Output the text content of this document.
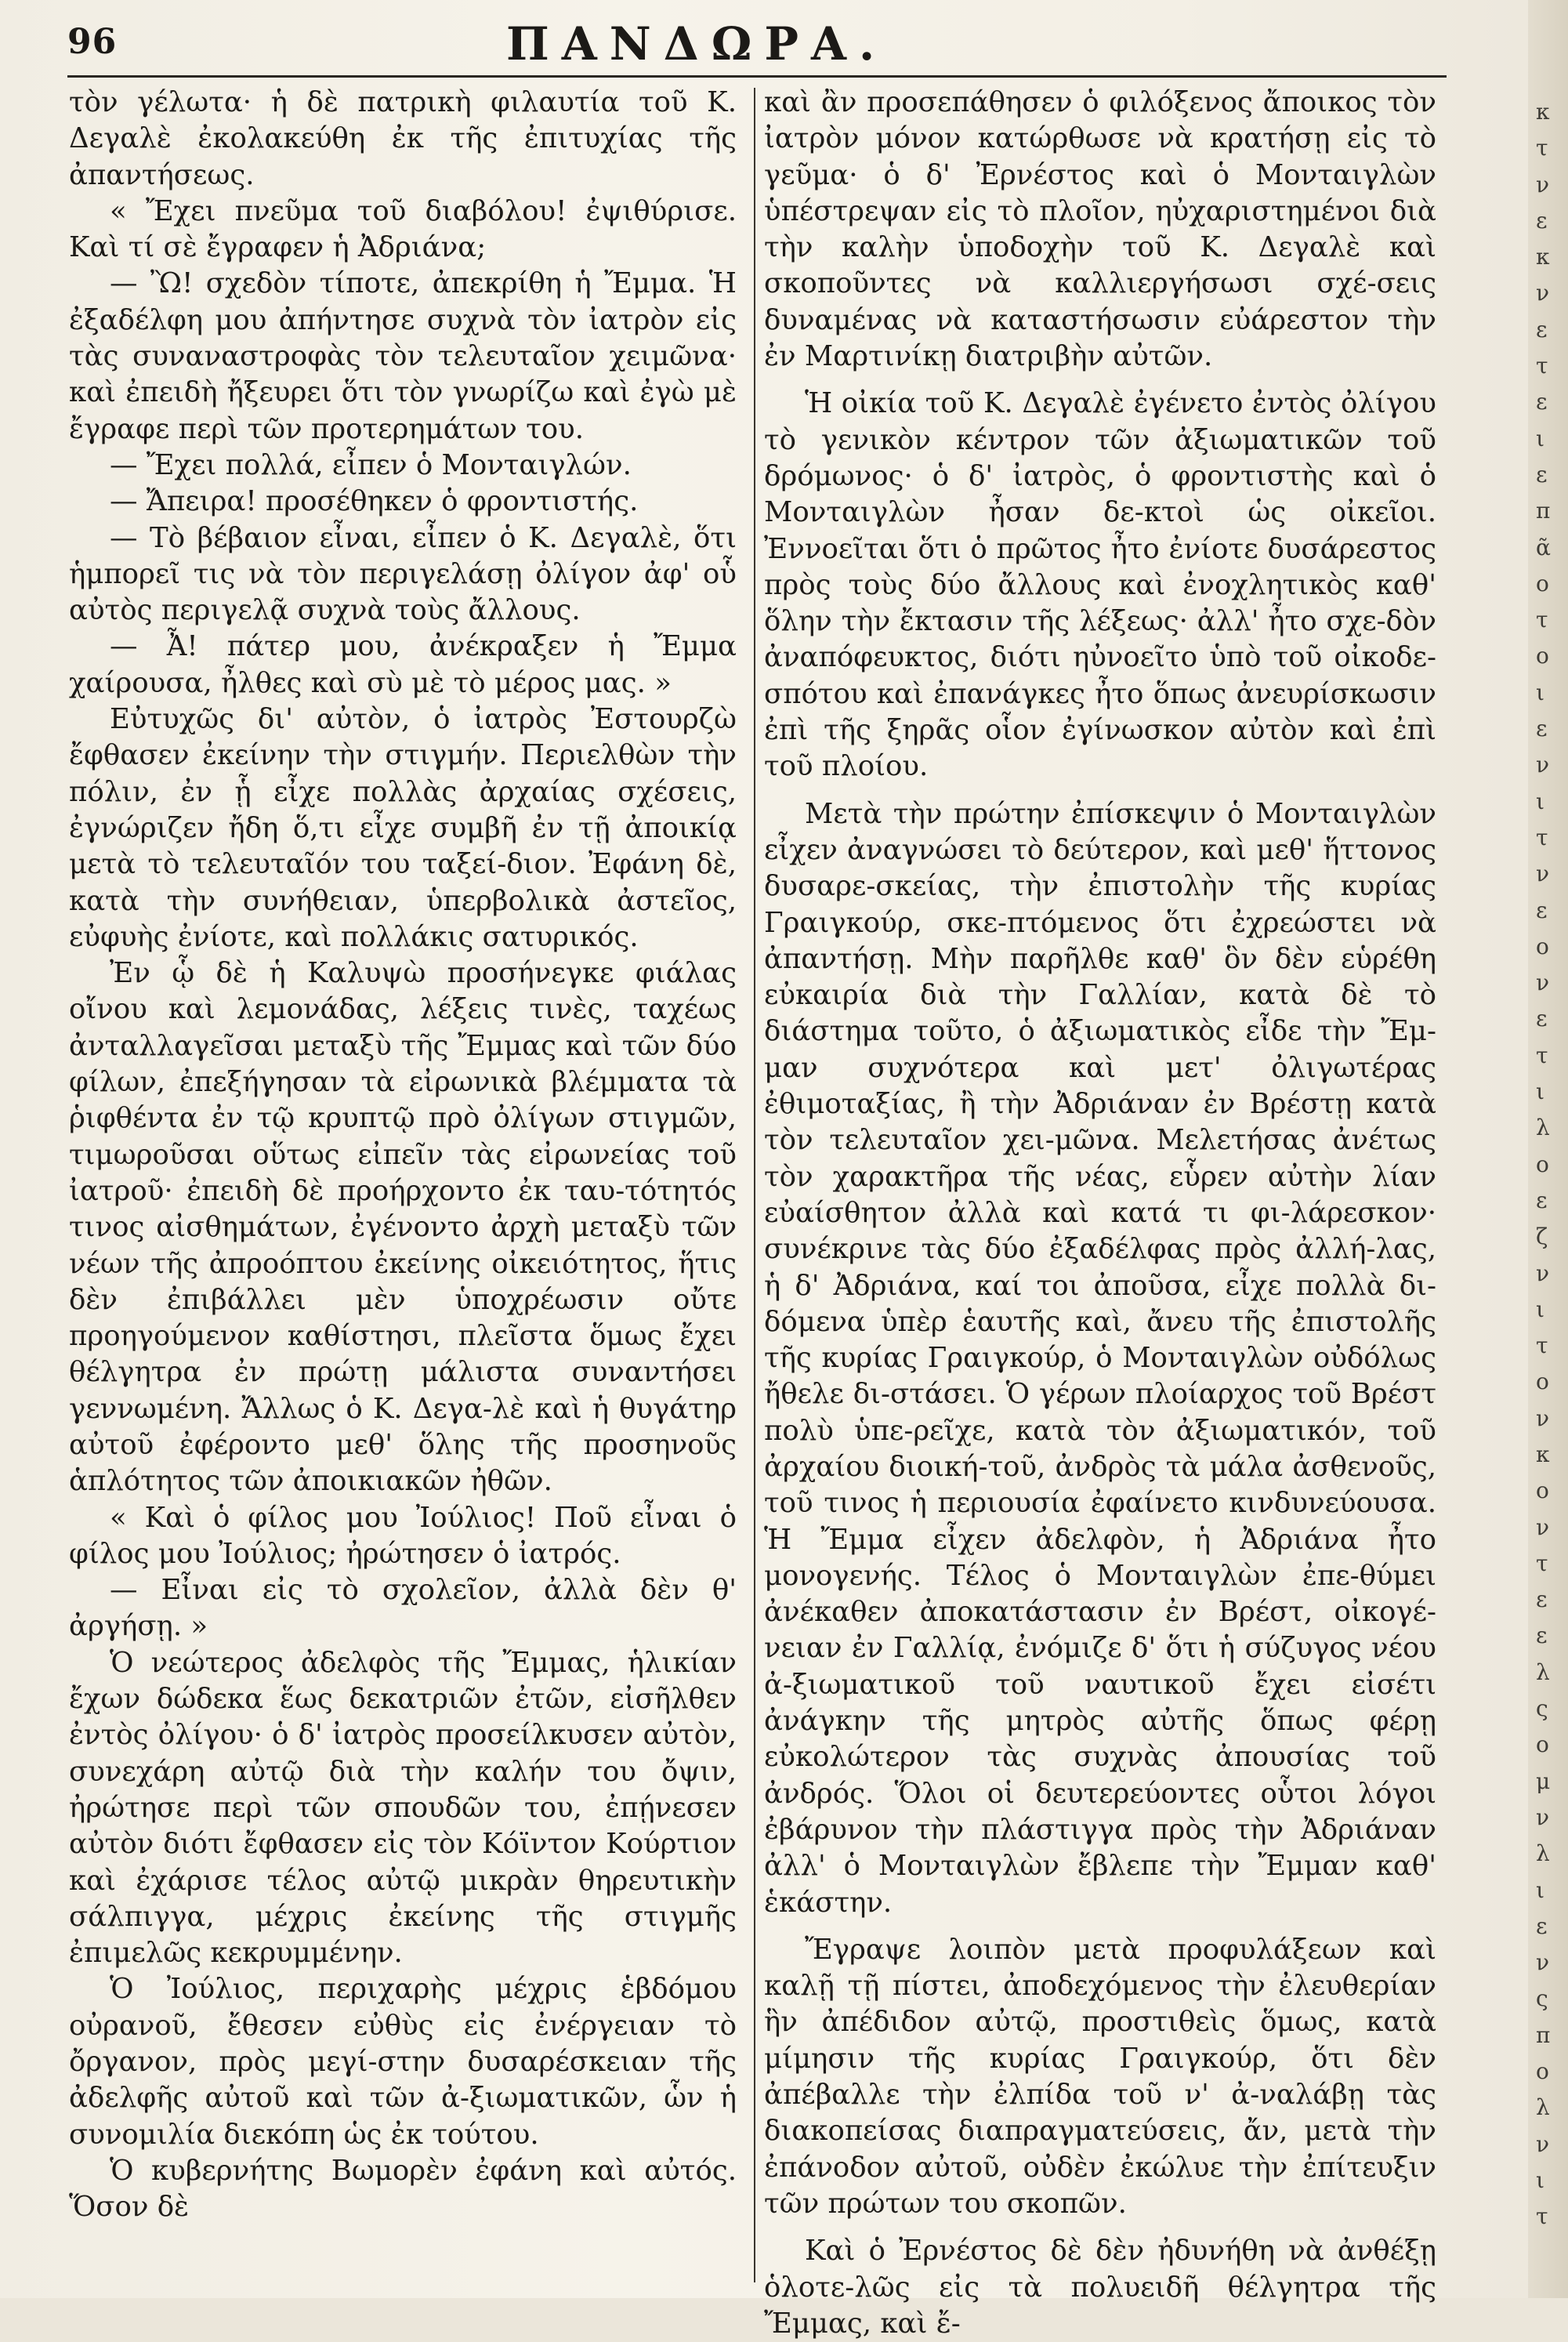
96	ΠΑΝΔΩΡΑ.

τὸν γέλωτα· ἡ δὲ πατρικὴ φιλαυτία τοῦ Κ. Δεγαλὲ ἐκολακεύθη ἐκ τῆς ἐπιτυχίας τῆς ἀπαντήσεως.

« Ἔχει πνεῦμα τοῦ διαβόλου! ἐψιθύρισε. Καὶ τί σὲ ἔγραφεν ἡ Ἀδριάνα;

— Ὢ! σχεδὸν τίποτε, ἀπεκρίθη ἡ Ἔμμα. Ἡ ἐξαδέλφη μου ἀπήντησε συχνὰ τὸν ἰατρὸν εἰς τὰς συναναστροφὰς τὸν τελευταῖον χειμῶνα· καὶ ἐπειδὴ ἤξευρει ὅτι τὸν γνωρίζω καὶ ἐγὼ μὲ ἔγραφε περὶ τῶν προτερημάτων του.

— Ἔχει πολλά, εἶπεν ὁ Μονταιγλών.

— Ἄπειρα! προσέθηκεν ὁ φροντιστής.

— Τὸ βέβαιον εἶναι, εἶπεν ὁ Κ. Δεγαλὲ, ὅτι ἡμπορεῖ τις νὰ τὸν περιγελάσῃ ὀλίγον ἀφ' οὗ αὐτὸς περιγελᾷ συχνὰ τοὺς ἄλλους.

— Ἆ! πάτερ μου, ἀνέκραξεν ἡ Ἔμμα χαίρουσα, ἦλθες καὶ σὺ μὲ τὸ μέρος μας. »

Εὐτυχῶς δι' αὐτὸν, ὁ ἰατρὸς Ἐστουρζὼ ἔφθασεν ἐκείνην τὴν στιγμήν. Περιελθὼν τὴν πόλιν, ἐν ᾗ εἶχε πολλὰς ἀρχαίας σχέσεις, ἐγνώριζεν ἤδη ὅ,τι εἶχε συμβῆ ἐν τῇ ἀποικίᾳ μετὰ τὸ τελευταῖόν του ταξεί-διον. Ἐφάνη δὲ, κατὰ τὴν συνήθειαν, ὑπερβολικὰ ἀστεῖος, εὐφυὴς ἐνίοτε, καὶ πολλάκις σατυρικός.

Ἐν ᾧ δὲ ἡ Καλυψὼ προσήνεγκε φιάλας οἴνου καὶ λεμονάδας, λέξεις τινὲς, ταχέως ἀνταλλαγεῖσαι μεταξὺ τῆς Ἔμμας καὶ τῶν δύο φίλων, ἐπεξήγησαν τὰ εἰρωνικὰ βλέμματα τὰ ῥιφθέντα ἐν τῷ κρυπτῷ πρὸ ὀλίγων στιγμῶν, τιμωροῦσαι οὕτως εἰπεῖν τὰς εἰρωνείας τοῦ ἰατροῦ· ἐπειδὴ δὲ προήρχοντο ἐκ ταυ-τότητός τινος αἰσθημάτων, ἐγένοντο ἀρχὴ μεταξὺ τῶν νέων τῆς ἀπροόπτου ἐκείνης οἰκειότητος, ἥτις δὲν ἐπιβάλλει μὲν ὑποχρέωσιν οὔτε προηγούμενον καθίστησι, πλεῖστα ὅμως ἔχει θέλγητρα ἐν πρώτῃ μάλιστα συναντήσει γεννωμένη. Ἄλλως ὁ Κ. Δεγα-λὲ καὶ ἡ θυγάτηρ αὐτοῦ ἐφέροντο μεθ' ὅλης τῆς προσηνοῦς ἁπλότητος τῶν ἀποικιακῶν ἠθῶν.

« Καὶ ὁ φίλος μου Ἰούλιος! Ποῦ εἶναι ὁ φίλος μου Ἰούλιος; ἠρώτησεν ὁ ἰατρός.

— Εἶναι εἰς τὸ σχολεῖον, ἀλλὰ δὲν θ' ἀργήσῃ. »

Ὁ νεώτερος ἀδελφὸς τῆς Ἔμμας, ἡλικίαν ἔχων δώδεκα ἕως δεκατριῶν ἐτῶν, εἰσῆλθεν ἐντὸς ὀλίγου· ὁ δ' ἰατρὸς προσείλκυσεν αὐτὸν, συνεχάρη αὐτῷ διὰ τὴν καλήν του ὄψιν, ἠρώτησε περὶ τῶν σπουδῶν του, ἐπῄνεσεν αὐτὸν διότι ἔφθασεν εἰς τὸν Κόϊντον Κούρτιον καὶ ἐχάρισε τέλος αὐτῷ μικρὰν θηρευτικὴν σάλπιγγα, μέχρις ἐκείνης τῆς στιγμῆς ἐπιμελῶς κεκρυμμένην.

Ὁ Ἰούλιος, περιχαρὴς μέχρις ἑβδόμου οὐρανοῦ, ἔθεσεν εὐθὺς εἰς ἐνέργειαν τὸ ὄργανον, πρὸς μεγί-στην δυσαρέσκειαν τῆς ἀδελφῆς αὐτοῦ καὶ τῶν ἀ-ξιωματικῶν, ὧν ἡ συνομιλία διεκόπη ὡς ἐκ τούτου.

Ὁ κυβερνήτης Βωμορὲν ἐφάνη καὶ αὐτός. Ὅσον δὲ

καὶ ἂν προσεπάθησεν ὁ φιλόξενος ἄποικος τὸν ἰατρὸν μόνον κατώρθωσε νὰ κρατήσῃ εἰς τὸ γεῦμα· ὁ δ' Ἐρνέστος καὶ ὁ Μονταιγλὼν ὑπέστρεψαν εἰς τὸ πλοῖον, ηὐχαριστημένοι διὰ τὴν καλὴν ὑποδοχὴν τοῦ Κ. Δεγαλὲ καὶ σκοποῦντες νὰ καλλιεργήσωσι σχέ-σεις δυναμένας νὰ καταστήσωσιν εὐάρεστον τὴν ἐν Μαρτινίκῃ διατριβὴν αὐτῶν.

Ἡ οἰκία τοῦ Κ. Δεγαλὲ ἐγένετο ἐντὸς ὀλίγου τὸ γενικὸν κέντρον τῶν ἀξιωματικῶν τοῦ δρόμωνος· ὁ δ' ἰατρὸς, ὁ φροντιστὴς καὶ ὁ Μονταιγλὼν ἦσαν δε-κτοὶ ὡς οἰκεῖοι. Ἐννοεῖται ὅτι ὁ πρῶτος ἦτο ἐνίοτε δυσάρεστος πρὸς τοὺς δύο ἄλλους καὶ ἐνοχλητικὸς καθ' ὅλην τὴν ἔκτασιν τῆς λέξεως· ἀλλ' ἦτο σχε-δὸν ἀναπόφευκτος, διότι ηὐνοεῖτο ὑπὸ τοῦ οἰκοδε-σπότου καὶ ἐπανάγκες ἦτο ὅπως ἀνευρίσκωσιν ἐπὶ τῆς ξηρᾶς οἷον ἐγίνωσκον αὐτὸν καὶ ἐπὶ τοῦ πλοίου.

Μετὰ τὴν πρώτην ἐπίσκεψιν ὁ Μονταιγλὼν εἶχεν ἀναγνώσει τὸ δεύτερον, καὶ μεθ' ἥττονος δυσαρε-σκείας, τὴν ἐπιστολὴν τῆς κυρίας Γραιγκούρ, σκε-πτόμενος ὅτι ἐχρεώστει νὰ ἀπαντήσῃ. Μὴν παρῆλθε καθ' ὃν δὲν εὑρέθη εὐκαιρία διὰ τὴν Γαλλίαν, κατὰ δὲ τὸ διάστημα τοῦτο, ὁ ἀξιωματικὸς εἶδε τὴν Ἔμ-μαν συχνότερα καὶ μετ' ὀλιγωτέρας ἐθιμοταξίας, ἢ τὴν Ἀδριάναν ἐν Βρέστῃ κατὰ τὸν τελευταῖον χει-μῶνα. Μελετήσας ἀνέτως τὸν χαρακτῆρα τῆς νέας, εὗρεν αὐτὴν λίαν εὐαίσθητον ἀλλὰ καὶ κατά τι φι-λάρεσκον· συνέκρινε τὰς δύο ἐξαδέλφας πρὸς ἀλλή-λας, ἡ δ' Ἀδριάνα, καί τοι ἀποῦσα, εἶχε πολλὰ δι-δόμενα ὑπὲρ ἑαυτῆς καὶ, ἄνευ τῆς ἐπιστολῆς τῆς κυρίας Γραιγκούρ, ὁ Μονταιγλὼν οὐδόλως ἤθελε δι-στάσει. Ὁ γέρων πλοίαρχος τοῦ Βρέστ πολὺ ὑπε-ρεῖχε, κατὰ τὸν ἀξιωματικόν, τοῦ ἀρχαίου διοική-τοῦ, ἀνδρὸς τὰ μάλα ἀσθενοῦς, τοῦ τινος ἡ περιουσία ἐφαίνετο κινδυνεύουσα. Ἡ Ἔμμα εἶχεν ἀδελφὸν, ἡ Ἀδριάνα ἦτο μονογενής. Τέλος ὁ Μονταιγλὼν ἐπε-θύμει ἀνέκαθεν ἀποκατάστασιν ἐν Βρέστ, οἰκογέ-νειαν ἐν Γαλλίᾳ, ἐνόμιζε δ' ὅτι ἡ σύζυγος νέου ἀ-ξιωματικοῦ τοῦ ναυτικοῦ ἔχει εἰσέτι ἀνάγκην τῆς μητρὸς αὐτῆς ὅπως φέρῃ εὐκολώτερον τὰς συχνὰς ἀπουσίας τοῦ ἀνδρός. Ὅλοι οἱ δευτερεύοντες οὗτοι λόγοι ἐβάρυνον τὴν πλάστιγγα πρὸς τὴν Ἀδριάναν ἀλλ' ὁ Μονταιγλὼν ἔβλεπε τὴν Ἔμμαν καθ' ἑκάστην.

Ἔγραψε λοιπὸν μετὰ προφυλάξεων καὶ καλῇ τῇ πίστει, ἀποδεχόμενος τὴν ἐλευθερίαν ἣν ἀπέδιδον αὐτῷ, προστιθεὶς ὅμως, κατὰ μίμησιν τῆς κυρίας Γραιγκούρ, ὅτι δὲν ἀπέβαλλε τὴν ἐλπίδα τοῦ ν' ἀ-ναλάβῃ τὰς διακοπείσας διαπραγματεύσεις, ἄν, μετὰ τὴν ἐπάνοδον αὐτοῦ, οὐδὲν ἐκώλυε τὴν ἐπίτευξιν τῶν πρώτων του σκοπῶν.

Καὶ ὁ Ἐρνέστος δὲ δὲν ἠδυνήθη νὰ ἀνθέξῃ ὁλοτε-λῶς εἰς τὰ πολυειδῆ θέλγητρα τῆς Ἔμμας, καὶ ἔ-

κ
τ
ν
ε
κ
ν
ε
τ
ε
ι
ε
π
ᾶ
ο
τ
ο
ι
ε
ν
ι
τ
ν
ε
ο
ν
ε
τ
ι
λ
ο
ε
ζ
ν
ι
τ
ο
ν
κ
ο
ν
τ
ε
ε
λ
ς
ο
μ
ν
λ
ι
ε
ν
ς
π
ο
λ
ν
ι
τ
